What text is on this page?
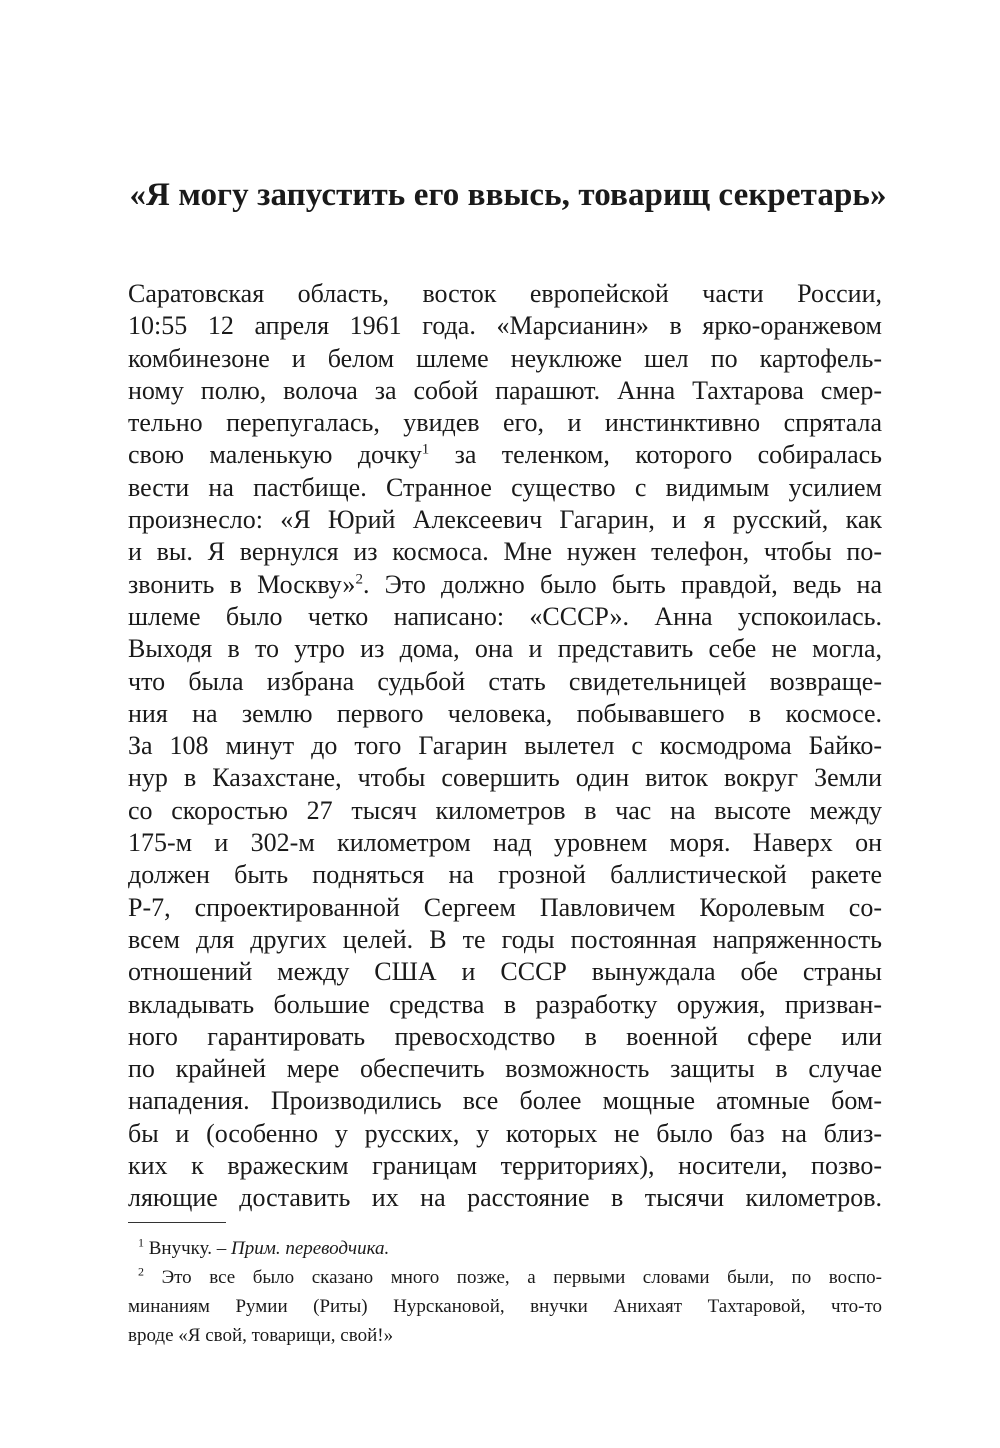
«Я могу запустить его ввысь, товарищ секретарь»
Саратовская область, восток европейской части России,
10:55 12 апреля 1961 года. «Марсианин» в ярко-оранжевом
комбинезоне и белом шлеме неуклюже шел по картофель-
ному полю, волоча за собой парашют. Анна Тахтарова смер-
тельно перепугалась, увидев его, и инстинктивно спрятала
свою маленькую дочку$^1$ за теленком, которого собиралась
вести на пастбище. Странное существо с видимым усилием
произнесло: «Я Юрий Алексеевич Гагарин, и я русский, как
и вы. Я вернулся из космоса. Мне нужен телефон, чтобы по-
звонить в Москву»$^2$. Это должно было быть правдой, ведь на
шлеме было четко написано: «СССР». Анна успокоилась.
Выходя в то утро из дома, она и представить себе не могла,
что была избрана судьбой стать свидетельницей возвраще-
ния на землю первого человека, побывавшего в космосе.
За 108 минут до того Гагарин вылетел с космодрома Байко-
нур в Казахстане, чтобы совершить один виток вокруг Земли
со скоростью 27 тысяч километров в час на высоте между
175-м и 302-м километром над уровнем моря. Наверх он
должен быть подняться на грозной баллистической ракете
Р-7, спроектированной Сергеем Павловичем Королевым со-
всем для других целей. В те годы постоянная напряженность
отношений между США и СССР вынуждала обе страны
вкладывать большие средства в разработку оружия, призван-
ного гарантировать превосходство в военной сфере или
по крайней мере обеспечить возможность защиты в случае
нападения. Производились все более мощные атомные бом-
бы и (особенно у русских, у которых не было баз на близ-
ких к вражеским границам территориях), носители, позво-
ляющие доставить их на расстояние в тысячи километров.
$^1$ Внучку. – Прим. переводчика.
$^2$ Это все было сказано много позже, а первыми словами были, по воспо-
минаниям Румии (Риты) Нурскановой, внучки Анихаят Тахтаровой, что-то
вроде «Я свой, товарищи, свой!»
